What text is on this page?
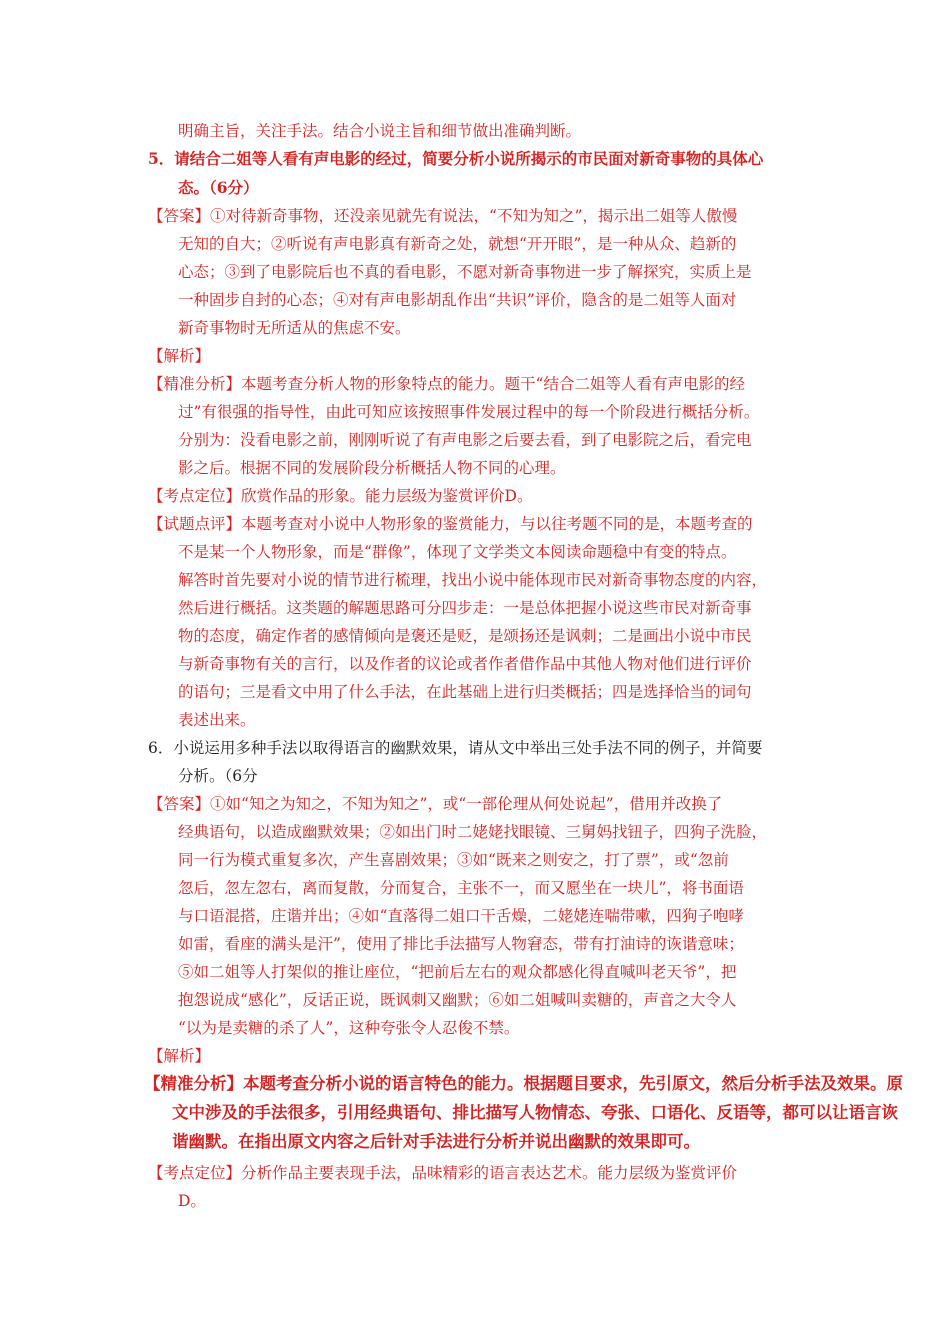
明确主旨，关注手法。结合小说主旨和细节做出准确判断。
5．请结合二姐等人看有声电影的经过，简要分析小说所揭示的市民面对新奇事物的具体心
态。（6分）
【答案】①对待新奇事物，还没亲见就先有说法，“不知为知之”，揭示出二姐等人傲慢
无知的自大；②听说有声电影真有新奇之处，就想“开开眼”，是一种从众、趋新的
心态；③到了电影院后也不真的看电影，不愿对新奇事物进一步了解探究，实质上是
一种固步自封的心态；④对有声电影胡乱作出“共识”评价，隐含的是二姐等人面对
新奇事物时无所适从的焦虑不安。
【解析】
【精准分析】本题考查分析人物的形象特点的能力。题干“结合二姐等人看有声电影的经
过”有很强的指导性，由此可知应该按照事件发展过程中的每一个阶段进行概括分析。
分别为：没看电影之前，刚刚听说了有声电影之后要去看，到了电影院之后，看完电
影之后。根据不同的发展阶段分析概括人物不同的心理。
【考点定位】欣赏作品的形象。能力层级为鉴赏评价D。
【试题点评】本题考查对小说中人物形象的鉴赏能力，与以往考题不同的是，本题考查的
不是某一个人物形象，而是“群像”，体现了文学类文本阅读命题稳中有变的特点。
解答时首先要对小说的情节进行梳理，找出小说中能体现市民对新奇事物态度的内容，
然后进行概括。这类题的解题思路可分四步走：一是总体把握小说这些市民对新奇事
物的态度，确定作者的感情倾向是褒还是贬，是颂扬还是讽刺；二是画出小说中市民
与新奇事物有关的言行，以及作者的议论或者作者借作品中其他人物对他们进行评价
的语句；三是看文中用了什么手法，在此基础上进行归类概括；四是选择恰当的词句
表述出来。
6．小说运用多种手法以取得语言的幽默效果，请从文中举出三处手法不同的例子，并简要
分析。（6分
【答案】①如“知之为知之，不知为知之”，或“一部伦理从何处说起”，借用并改换了
经典语句，以造成幽默效果；②如出门时二姥姥找眼镜、三舅妈找钮子，四狗子洗脸，
同一行为模式重复多次，产生喜剧效果；③如“既来之则安之，打了票”，或“忽前
忽后，忽左忽右，离而复散，分而复合，主张不一，而又愿坐在一块儿”，将书面语
与口语混搭，庄谐并出；④如“直落得二姐口干舌燥，二姥姥连喘带嗽，四狗子咆哮
如雷，看座的满头是汗”，使用了排比手法描写人物窘态，带有打油诗的诙谐意味；
⑤如二姐等人打架似的推让座位，“把前后左右的观众都感化得直喊叫老天爷”，把
抱怨说成“感化”，反话正说，既讽刺又幽默；⑥如二姐喊叫卖糖的，声音之大令人
“以为是卖糖的杀了人”，这种夸张令人忍俊不禁。
【解析】
【精准分析】本题考查分析小说的语言特色的能力。根据题目要求，先引原文，然后分析手法及效果。原
文中涉及的手法很多，引用经典语句、排比描写人物情态、夸张、口语化、反语等，都可以让语言诙
谐幽默。在指出原文内容之后针对手法进行分析并说出幽默的效果即可。
【考点定位】分析作品主要表现手法，品味精彩的语言表达艺术。能力层级为鉴赏评价
D。
